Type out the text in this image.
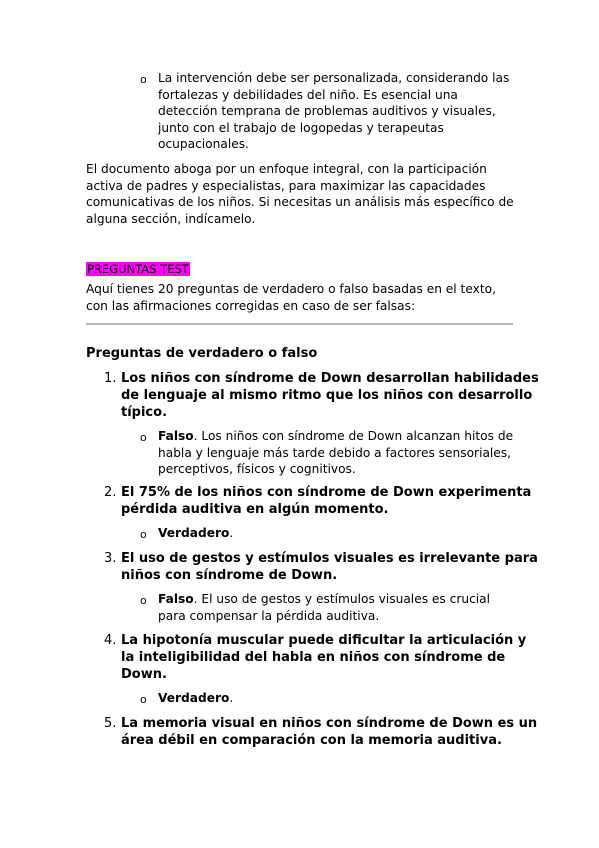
o La intervención debe ser personalizada, considerando las
fortalezas y debilidades del niño. Es esencial una
detección temprana de problemas auditivos y visuales,
junto con el trabajo de logopedas y terapeutas
ocupacionales.
El documento aboga por un enfoque integral, con la participación
activa de padres y especialistas, para maximizar las capacidades
comunicativas de los niños. Si necesitas un análisis más específico de
alguna sección, indícamelo.
PREGUNTAS TEST
Aquí tienes 20 preguntas de verdadero o falso basadas en el texto,
con las afirmaciones corregidas en caso de ser falsas:
Preguntas de verdadero o falso
1. Los niños con síndrome de Down desarrollan habilidades
de lenguaje al mismo ritmo que los niños con desarrollo
típico.
o Falso. Los niños con síndrome de Down alcanzan hitos de
habla y lenguaje más tarde debido a factores sensoriales,
perceptivos, físicos y cognitivos.
2. El 75% de los niños con síndrome de Down experimenta
pérdida auditiva en algún momento.
o Verdadero.
3. El uso de gestos y estímulos visuales es irrelevante para
niños con síndrome de Down.
o Falso. El uso de gestos y estímulos visuales es crucial
para compensar la pérdida auditiva.
4. La hipotonía muscular puede dificultar la articulación y
la inteligibilidad del habla en niños con síndrome de
Down.
o Verdadero.
5. La memoria visual en niños con síndrome de Down es un
área débil en comparación con la memoria auditiva.
